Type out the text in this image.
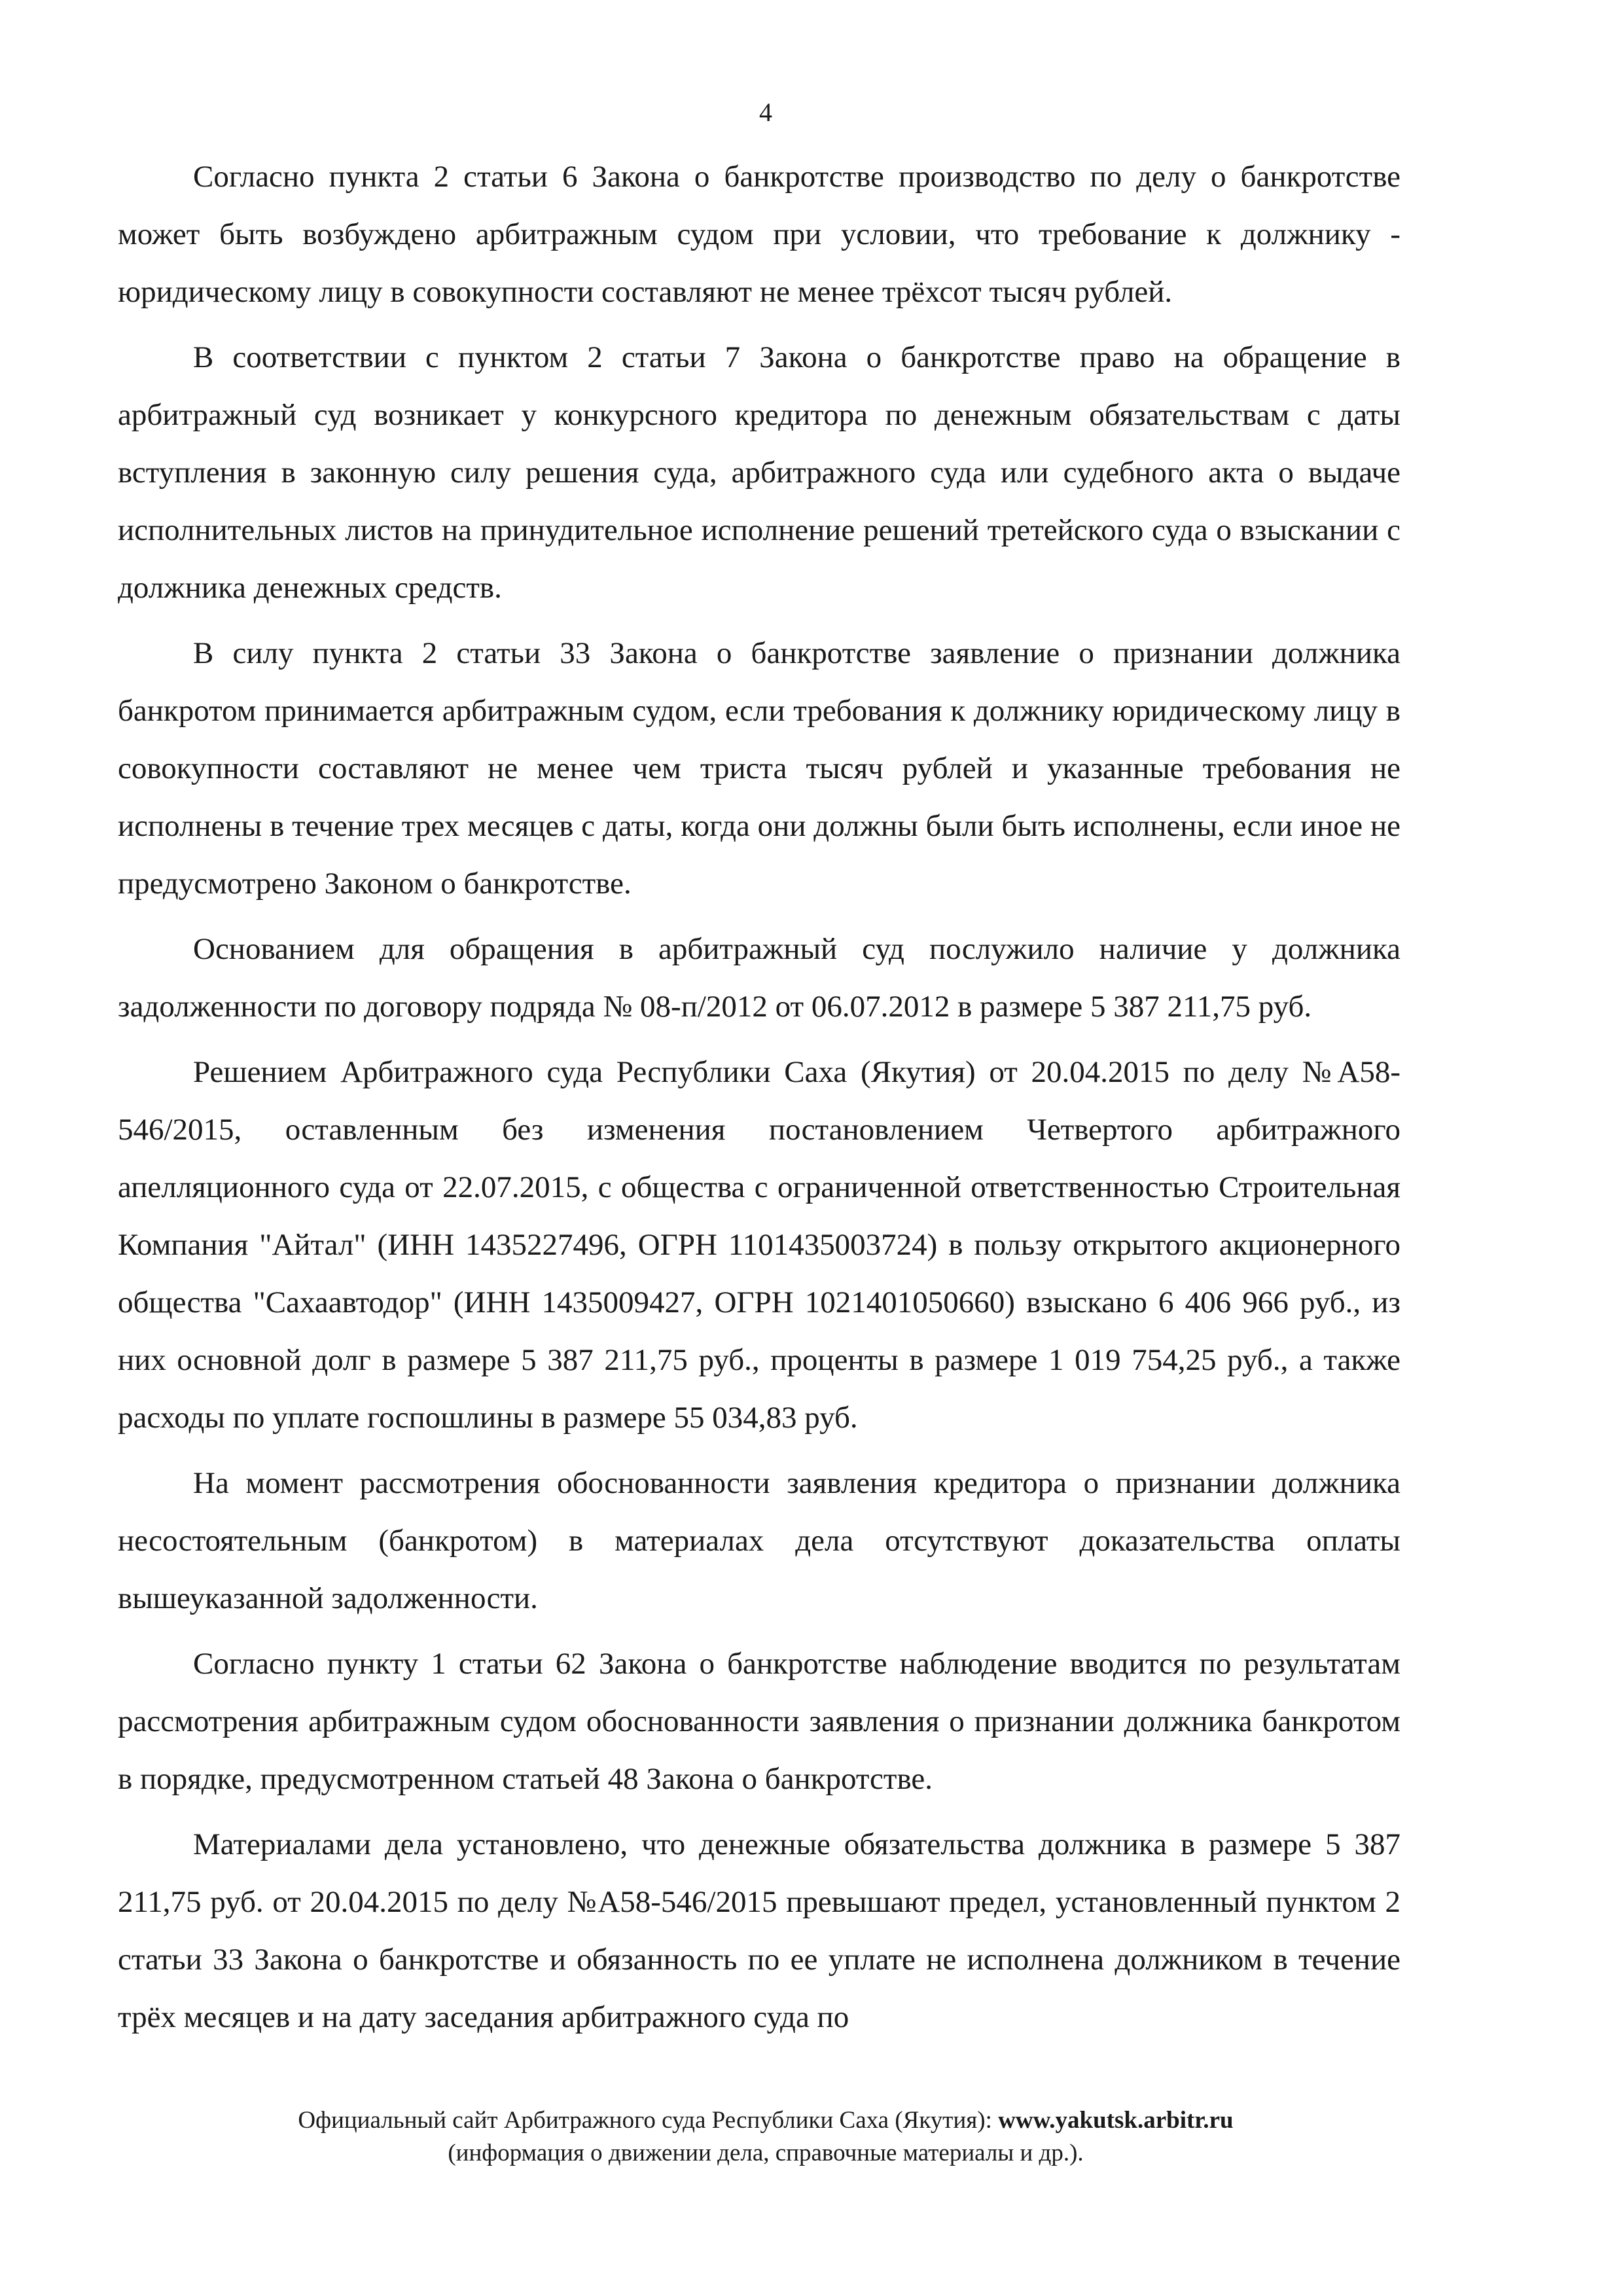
4

Согласно пункта 2 статьи 6 Закона о банкротстве производство по делу о банкротстве может быть возбуждено арбитражным судом при условии, что требование к должнику - юридическому лицу в совокупности составляют не менее трёхсот тысяч рублей.

В соответствии с пунктом 2 статьи 7 Закона о банкротстве право на обращение в арбитражный суд возникает у конкурсного кредитора по денежным обязательствам с даты вступления в законную силу решения суда, арбитражного суда или судебного акта о выдаче исполнительных листов на принудительное исполнение решений третейского суда о взыскании с должника денежных средств.

В силу пункта 2 статьи 33 Закона о банкротстве заявление о признании должника банкротом принимается арбитражным судом, если требования к должнику юридическому лицу в совокупности составляют не менее чем триста тысяч рублей и указанные требования не исполнены в течение трех месяцев с даты, когда они должны были быть исполнены, если иное не предусмотрено Законом о банкротстве.

Основанием для обращения в арбитражный суд послужило наличие у должника задолженности по договору подряда № 08-п/2012 от 06.07.2012 в размере 5 387 211,75 руб.

Решением Арбитражного суда Республики Саха (Якутия) от 20.04.2015 по делу №А58-546/2015, оставленным без изменения постановлением Четвертого арбитражного апелляционного суда от 22.07.2015, с общества с ограниченной ответственностью Строительная Компания "Айтал" (ИНН 1435227496, ОГРН 1101435003724) в пользу открытого акционерного общества "Сахаавтодор" (ИНН 1435009427, ОГРН 1021401050660) взыскано 6 406 966 руб., из них основной долг в размере 5 387 211,75 руб., проценты в размере 1 019 754,25 руб., а также расходы по уплате госпошлины в размере 55 034,83 руб.

На момент рассмотрения обоснованности заявления кредитора о признании должника несостоятельным (банкротом) в материалах дела отсутствуют доказательства оплаты вышеуказанной задолженности.

Согласно пункту 1 статьи 62 Закона о банкротстве наблюдение вводится по результатам рассмотрения арбитражным судом обоснованности заявления о признании должника банкротом в порядке, предусмотренном статьей 48 Закона о банкротстве.

Материалами дела установлено, что денежные обязательства должника в размере 5 387 211,75 руб. от 20.04.2015 по делу №А58-546/2015 превышают предел, установленный пунктом 2 статьи 33 Закона о банкротстве и обязанность по ее уплате не исполнена должником в течение трёх месяцев и на дату заседания арбитражного суда по

Официальный сайт Арбитражного суда Республики Саха (Якутия): www.yakutsk.arbitr.ru
(информация о движении дела, справочные материалы и др.).
